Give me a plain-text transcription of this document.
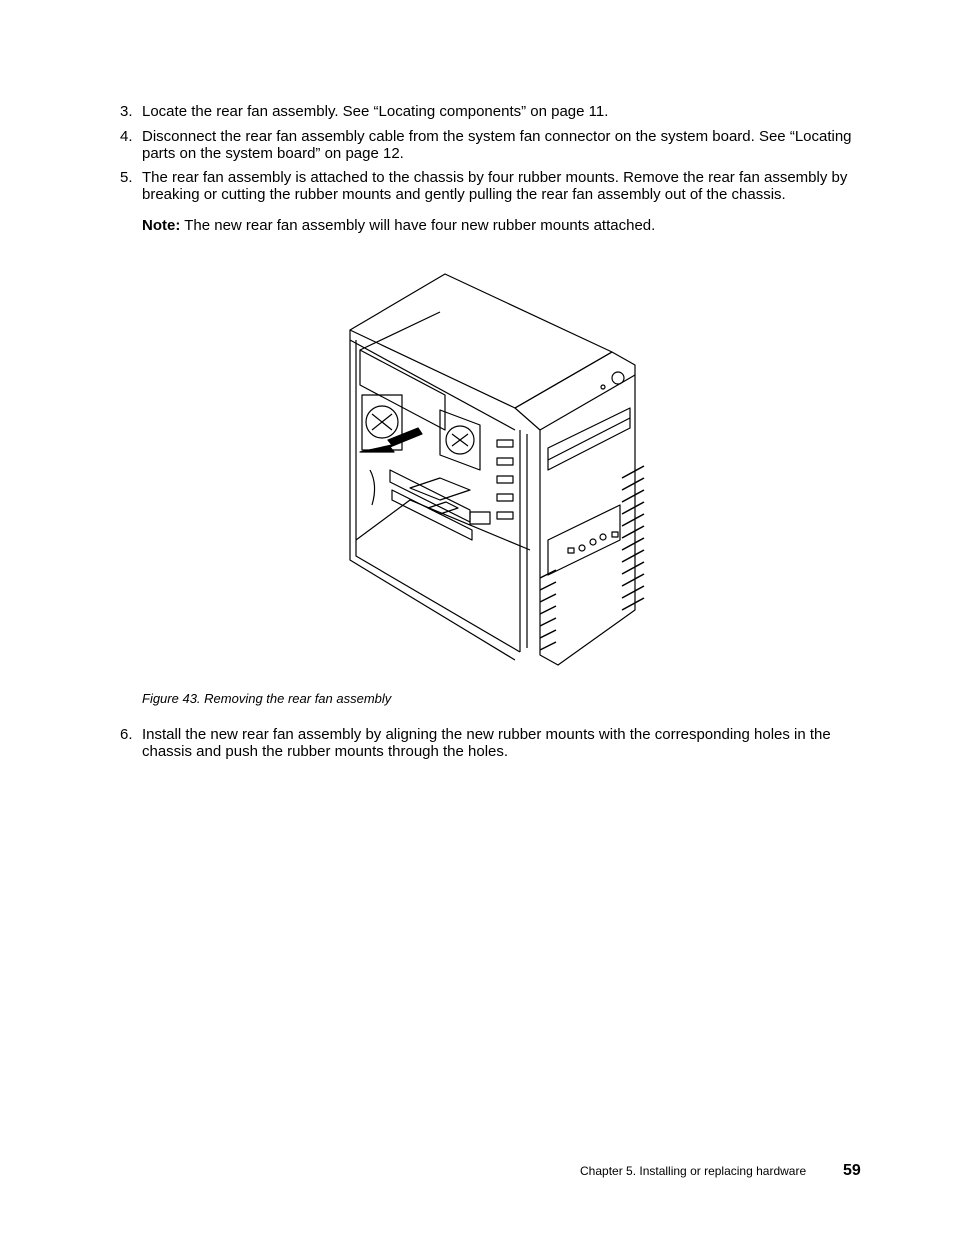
3. Locate the rear fan assembly. See “Locating components” on page 11.
4. Disconnect the rear fan assembly cable from the system fan connector on the system board. See “Locating parts on the system board” on page 12.
5. The rear fan assembly is attached to the chassis by four rubber mounts. Remove the rear fan assembly by breaking or cutting the rubber mounts and gently pulling the rear fan assembly out of the chassis.
Note: The new rear fan assembly will have four new rubber mounts attached.
Figure 43. Removing the rear fan assembly
6. Install the new rear fan assembly by aligning the new rubber mounts with the corresponding holes in the chassis and push the rubber mounts through the holes.
Chapter 5. Installing or replacing hardware 59
